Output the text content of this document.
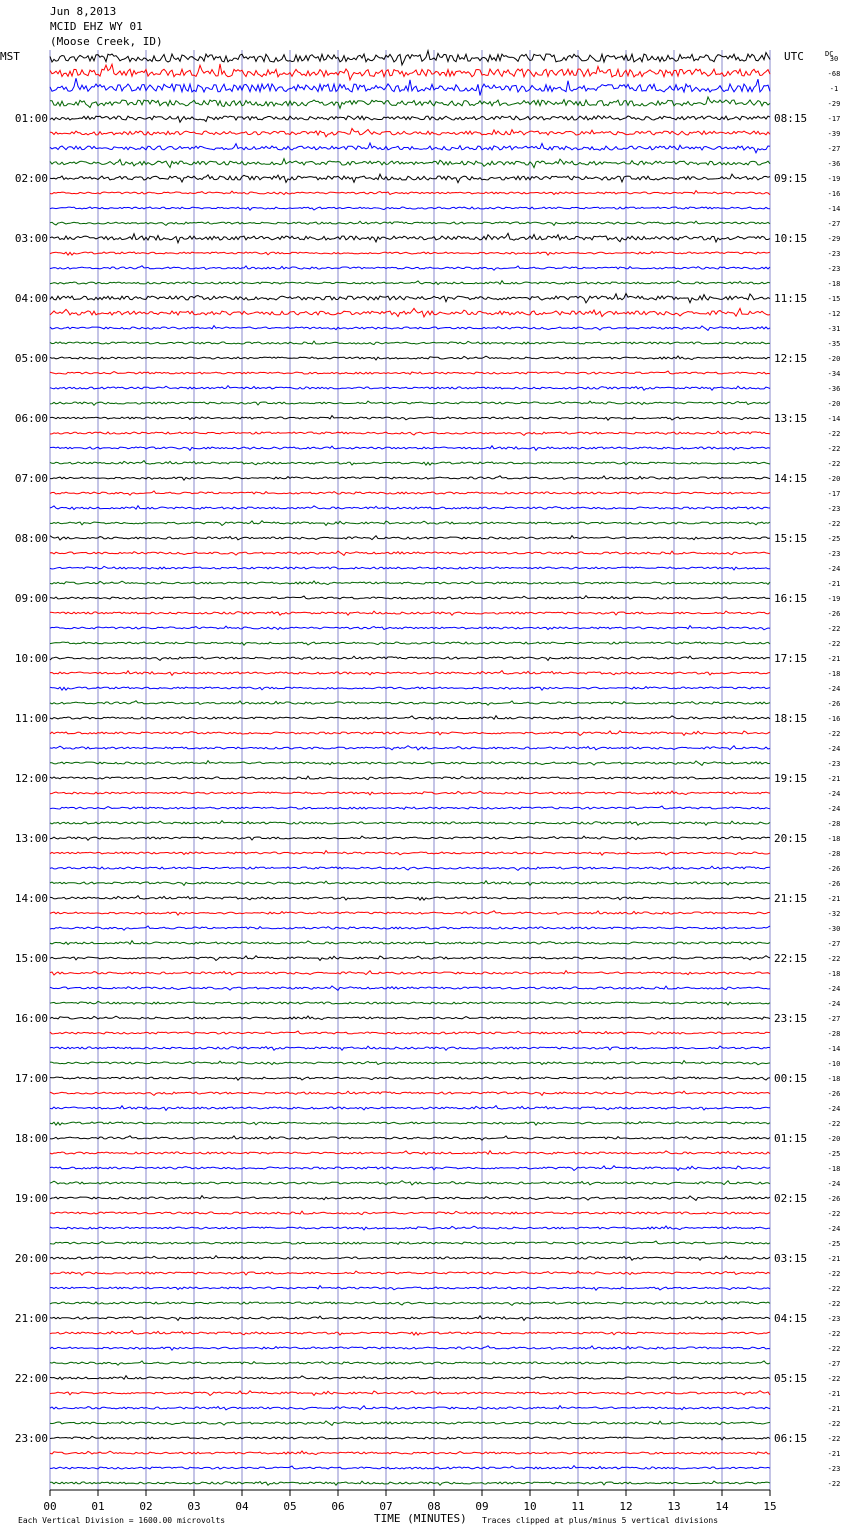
Jun 8,2013
MCID EHZ WY 01
(Moose Creek, ID)
MST	UTC	DC
30
-68
-1
-29
-17
-39
-27
-36
-19
-16
-14
-27
-29
-23
-23
-18
-15
-12
-31
-35
-20
-34
-36
-20
-14
-22
-22
-22
-20
-17
-23
-22
-25
-23
-24
-21
-19
-26
-22
-22
-21
-18
-24
-26
-16
-22
-24
-23
-21
-24
-24
-28
-18
-28
-26
-26
-21
-32
-30
-27
-22
-18
-24
-24
-27
-28
-14
-10
-18
-26
-24
-22
-20
-25
-18
-24
-26
-22
-24
-25
-21
-22
-22
-22
-23
-22
-22
-27
-22
-21
-21
-22
-22
-21
-23
-22
01:00	08:15
02:00	09:15
03:00	10:15
04:00	11:15
05:00	12:15
06:00	13:15
07:00	14:15
08:00	15:15
09:00	16:15
10:00	17:15
11:00	18:15
12:00	19:15
13:00	20:15
14:00	21:15
15:00	22:15
16:00	23:15
17:00	00:15
18:00	01:15
19:00	02:15
20:00	03:15
21:00	04:15
22:00	05:15
23:00	06:15
00	01	02	03	04	05	06	07	08	09	10	11	12	13	14	15
Each Vertical Division = 1600.00 microvolts	TIME (MINUTES) Traces clipped at plus/minus 5 vertical divisions
